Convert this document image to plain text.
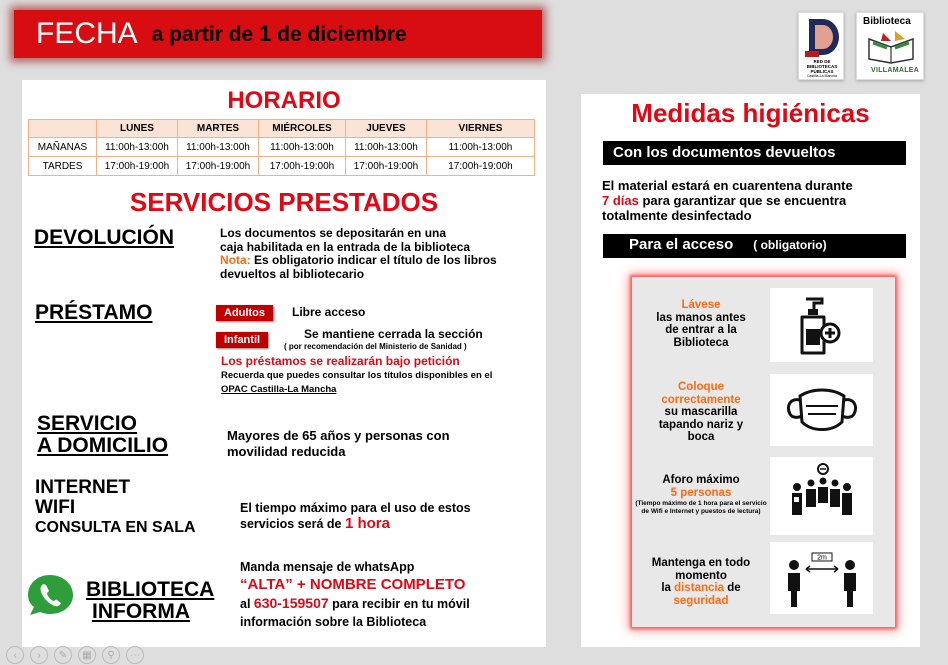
FECHA a partir de 1 de diciembre
RED DE BIBLIOTECAS PÚBLICAS
Castilla-La Mancha
Biblioteca
VILLAMALEA
HORARIO
	LUNES	MARTES	MIÉRCOLES	JUEVES	VIERNES
MAÑANAS	11:00h-13:00h	11:00h-13:00h	11:00h-13:00h	11:00h-13:00h	11:00h-13:00h
TARDES	17:00h-19:00h	17:00h-19:00h	17:00h-19:00h	17:00h-19:00h	17:00h-19:00h
SERVICIOS PRESTADOS
DEVOLUCIÓN	Los documentos se depositarán en una
caja habilitada en la entrada de la biblioteca
Nota: Es obligatorio indicar el título de los libros
devueltos al bibliotecario
PRÉSTAMO	Adultos	Libre acceso
Infantil	Se mantiene cerrada la sección
( por recomendación del Ministerio de Sanidad )
Los préstamos se realizarán bajo petición
Recuerda que puedes consultar los títulos disponibles en el
OPAC Castilla-La Mancha
SERVICIO
A DOMICILIO	Mayores de 65 años y personas con
movilidad reducida
INTERNET
WIFI
CONSULTA EN SALA
El tiempo máximo para el uso de estos
servicios será de 1 hora
BIBLIOTECA
INFORMA
Manda mensaje de whatsApp
“ALTA” + NOMBRE COMPLETO
al 630-159507 para recibir en tu móvil
información sobre la Biblioteca
Medidas higiénicas
Con los documentos devueltos
El material estará en cuarentena durante
7 días para garantizar que se encuentra
totalmente desinfectado
Para el acceso ( obligatorio)
Lávese
las manos antes
de entrar a la
Biblioteca
Coloque
correctamente
su mascarilla
tapando nariz y
boca
Aforo máximo
5 personas
(Tiempo máximo de 1 hora para el servicio de Wifi e Internet y puestos de lectura)
Mantenga en todo
momento
la distancia de
seguridad
2m
‹	›	✎	▦	⚲	⋯
